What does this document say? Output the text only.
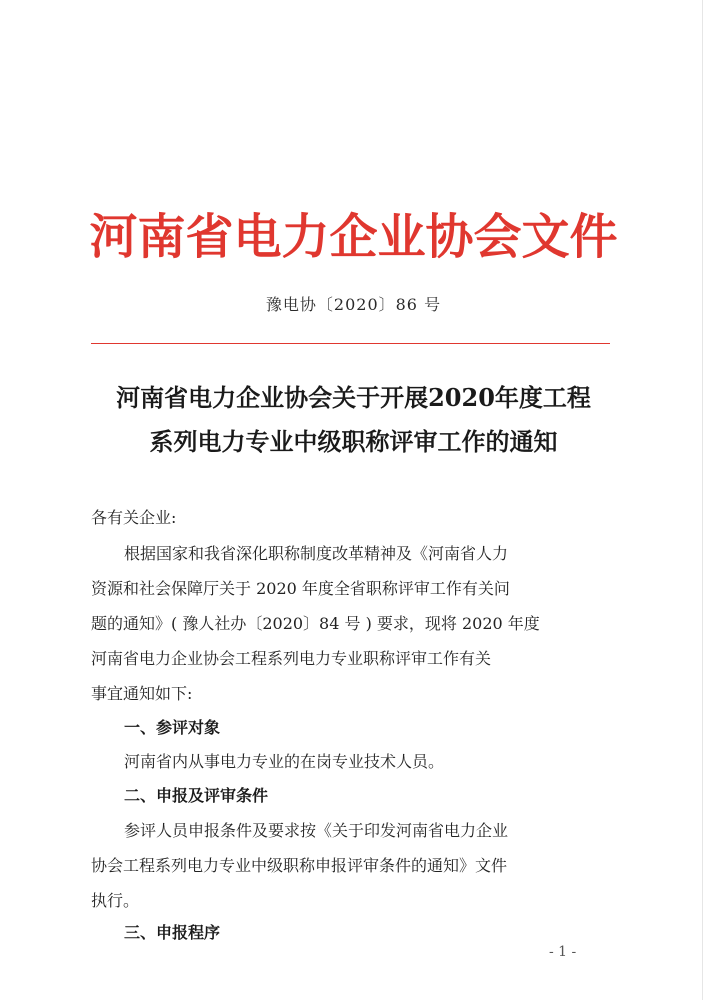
河南省电力企业协会文件
豫电协〔2020〕86 号
河南省电力企业协会关于开展2020年度工程
系列电力专业中级职称评审工作的通知
各有关企业:
根据国家和我省深化职称制度改革精神及《河南省人力
资源和社会保障厅关于 2020 年度全省职称评审工作有关问
题的通知》( 豫人社办〔2020〕84 号 ) 要求，现将 2020 年度
河南省电力企业协会工程系列电力专业职称评审工作有关
事宜通知如下:
一、参评对象
河南省内从事电力专业的在岗专业技术人员。
二、申报及评审条件
参评人员申报条件及要求按《关于印发河南省电力企业
协会工程系列电力专业中级职称申报评审条件的通知》文件
执行。
三、申报程序
- 1 -
